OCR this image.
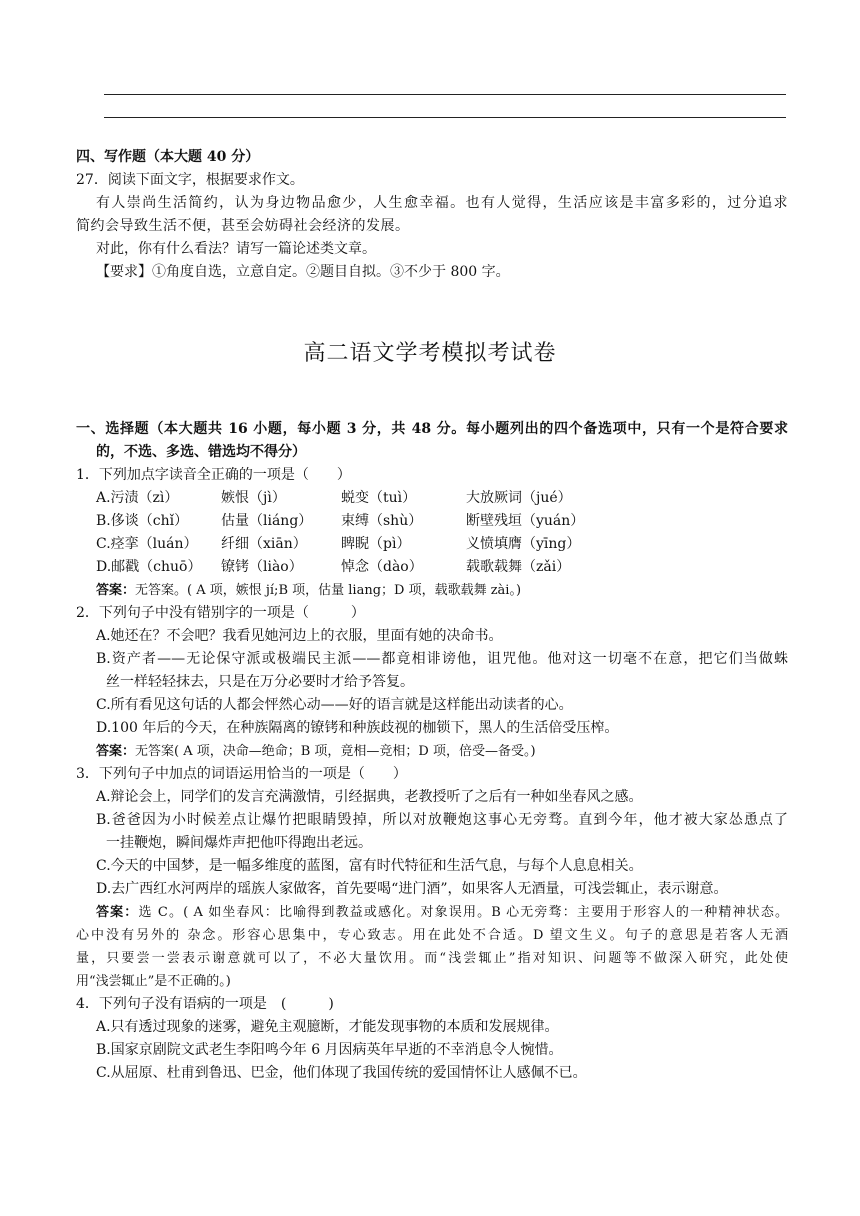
四、写作题（本大题 40 分）
27．阅读下面文字，根据要求作文。
有人崇尚生活简约，认为身边物品愈少，人生愈幸福。也有人觉得，生活应该是丰富多彩的，过分追求
简约会导致生活不便，甚至会妨碍社会经济的发展。
对此，你有什么看法？请写一篇论述类文章。
【要求】①角度自选，立意自定。②题目自拟。③不少于 800 字。
高二语文学考模拟考试卷
一、选择题（本大题共 16 小题，每小题 3 分，共 48 分。每小题列出的四个备选项中，只有一个是符合要求
的，不选、多选、错选均不得分）
1．下列加点字读音全正确的一项是（　　）
A.污渍（zì）	嫉恨（jì）	蜕变（tuì）	大放厥词（jué）
B.侈谈（chǐ）	估量（liáng）	束缚（shù）	断壁残垣（yuán）
C.痉挛（luán）	纤细（xiān）	睥睨（pì）	义愤填膺（yīng）
D.邮戳（chuō）	镣铐（liào）	悼念（dào）	载歌载舞（zǎi）
答案：无答案。( A 项，嫉恨 jí;B 项，估量 liang；D 项，载歌载舞 zài。)
2．下列句子中没有错别字的一项是（　　　）
A.她还在？不会吧？我看见她河边上的衣服，里面有她的决命书。
B.资产者——无论保守派或极端民主派——都竟相诽谤他，诅咒他。他对这一切毫不在意，把它们当做蛛
丝一样轻轻抹去，只是在万分必要时才给予答复。
C.所有看见这句话的人都会怦然心动——好的语言就是这样能出动读者的心。
D.100 年后的今天，在种族隔离的镣铐和种族歧视的枷锁下，黑人的生活倍受压榨。
答案：无答案( A 项，决命—绝命；B 项，竟相—竞相；D 项，倍受—备受。)
3．下列句子中加点的词语运用恰当的一项是（　　）
A.辩论会上，同学们的发言充满激情，引经据典，老教授听了之后有一种如坐春风之感。
B.爸爸因为小时候差点让爆竹把眼睛毁掉，所以对放鞭炮这事心无旁骛。直到今年，他才被大家怂恿点了
一挂鞭炮，瞬间爆炸声把他吓得跑出老远。
C.今天的中国梦，是一幅多维度的蓝图，富有时代特征和生活气息，与每个人息息相关。
D.去广西红水河两岸的瑶族人家做客，首先要喝“进门酒”，如果客人无酒量，可浅尝辄止，表示谢意。
答案：选 C。( A 如坐春风：比喻得到教益或感化。对象误用。B 心无旁骛：主要用于形容人的一种精神状态。
心中没有另外的 杂念。形容心思集中，专心致志。用在此处不合适。D 望文生义。句子的意思是若客人无酒
量，只要尝一尝表示谢意就可以了，不必大量饮用。而“浅尝辄止”指对知识、问题等不做深入研究，此处使
用“浅尝辄止”是不正确的。)
4．下列句子没有语病的一项是　(　　　)
A.只有透过现象的迷雾，避免主观臆断，才能发现事物的本质和发展规律。
B.国家京剧院文武老生李阳鸣今年 6 月因病英年早逝的不幸消息令人惋惜。
C.从屈原、杜甫到鲁迅、巴金，他们体现了我国传统的爱国情怀让人感佩不已。
